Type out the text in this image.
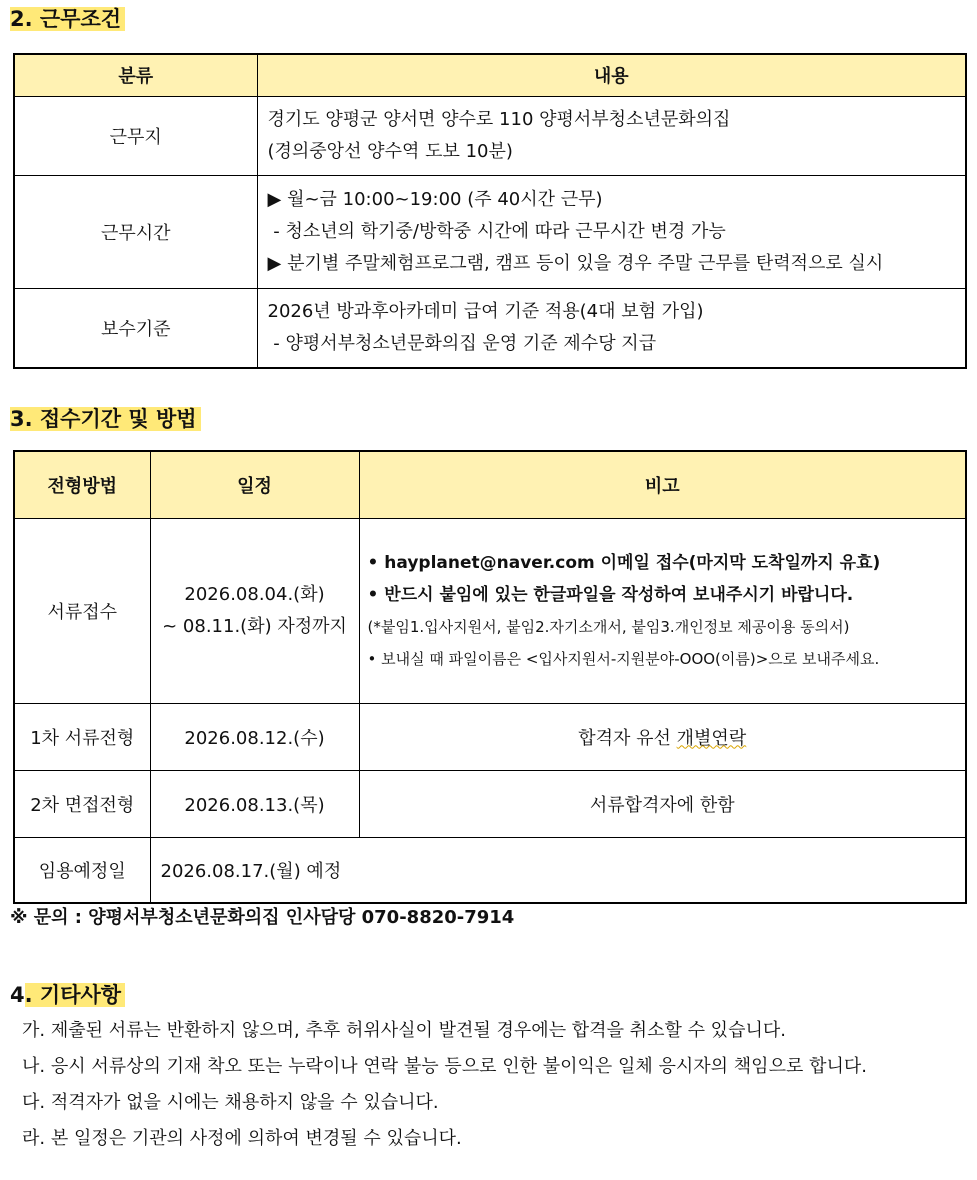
2. 근무조건
분류	내용
근무지	경기도 양평군 양서면 양수로 110 양평서부청소년문화의집
(경의중앙선 양수역 도보 10분)

근무시간	▶ 월~금 10:00~19:00 (주 40시간 근무)
- 청소년의 학기중/방학중 시간에 따라 근무시간 변경 가능
▶ 분기별 주말체험프로그램, 캠프 등이 있을 경우 주말 근무를 탄력적으로 실시

보수기준	2026년 방과후아카데미 급여 기준 적용(4대 보험 가입)
- 양평서부청소년문화의집 운영 기준 제수당 지급
3. 접수기간 및 방법
전형방법	일정	비고
서류접수	2026.08.04.(화)
~ 08.11.(화) 자정까지	• hayplanet@naver.com 이메일 접수(마지막 도착일까지 유효)
• 반드시 붙임에 있는 한글파일을 작성하여 보내주시기 바랍니다.
(*붙임1.입사지원서, 붙임2.자기소개서, 붙임3.개인정보 제공이용 동의서)
• 보내실 때 파일이름은 <입사지원서-지원분야-OOO(이름)>으로 보내주세요.

1차 서류전형	2026.08.12.(수)	합격자 유선 개별연락
2차 면접전형	2026.08.13.(목)	서류합격자에 한함
임용예정일	2026.08.17.(월) 예정	
※ 문의 : 양평서부청소년문화의집 인사담당 070-8820-7914
4. 기타사항
가. 제출된 서류는 반환하지 않으며, 추후 허위사실이 발견될 경우에는 합격을 취소할 수 있습니다.
나. 응시 서류상의 기재 착오 또는 누락이나 연락 불능 등으로 인한 불이익은 일체 응시자의 책임으로 합니다.
다. 적격자가 없을 시에는 채용하지 않을 수 있습니다.
라. 본 일정은 기관의 사정에 의하여 변경될 수 있습니다.
